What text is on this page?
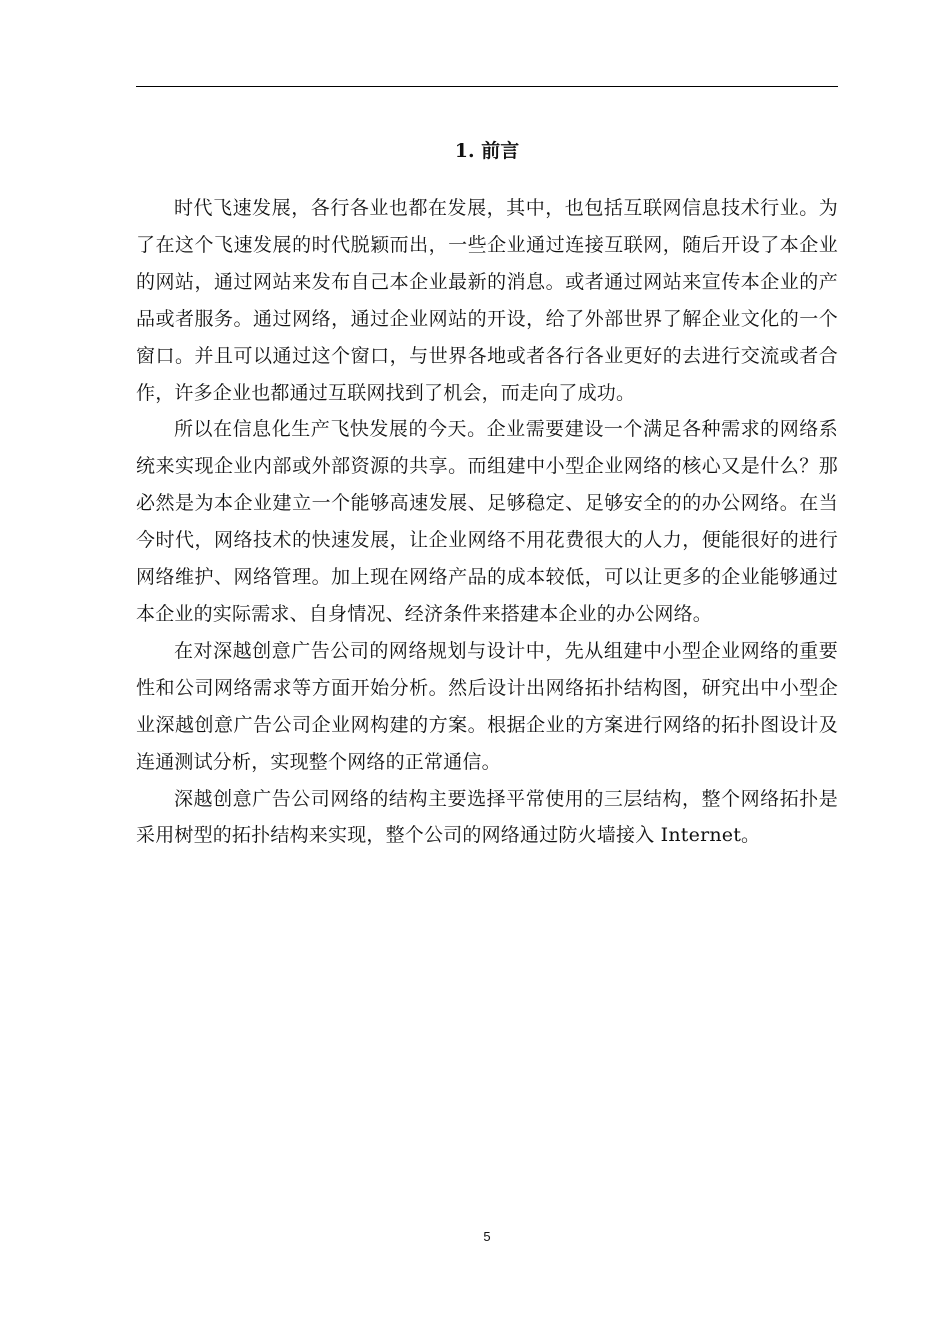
1. 前言

时代飞速发展，各行各业也都在发展，其中，也包括互联网信息技术行业。为了在这个飞速发展的时代脱颖而出，一些企业通过连接互联网，随后开设了本企业的网站，通过网站来发布自己本企业最新的消息。或者通过网站来宣传本企业的产品或者服务。通过网络，通过企业网站的开设，给了外部世界了解企业文化的一个窗口。并且可以通过这个窗口，与世界各地或者各行各业更好的去进行交流或者合作，许多企业也都通过互联网找到了机会，而走向了成功。

所以在信息化生产飞快发展的今天。企业需要建设一个满足各种需求的网络系统来实现企业内部或外部资源的共享。而组建中小型企业网络的核心又是什么？那必然是为本企业建立一个能够高速发展、足够稳定、足够安全的的办公网络。在当今时代，网络技术的快速发展，让企业网络不用花费很大的人力，便能很好的进行网络维护、网络管理。加上现在网络产品的成本较低，可以让更多的企业能够通过本企业的实际需求、自身情况、经济条件来搭建本企业的办公网络。

在对深越创意广告公司的网络规划与设计中，先从组建中小型企业网络的重要性和公司网络需求等方面开始分析。然后设计出网络拓扑结构图，研究出中小型企业深越创意广告公司企业网构建的方案。根据企业的方案进行网络的拓扑图设计及连通测试分析，实现整个网络的正常通信。

深越创意广告公司网络的结构主要选择平常使用的三层结构，整个网络拓扑是采用树型的拓扑结构来实现，整个公司的网络通过防火墙接入 Internet。

5
